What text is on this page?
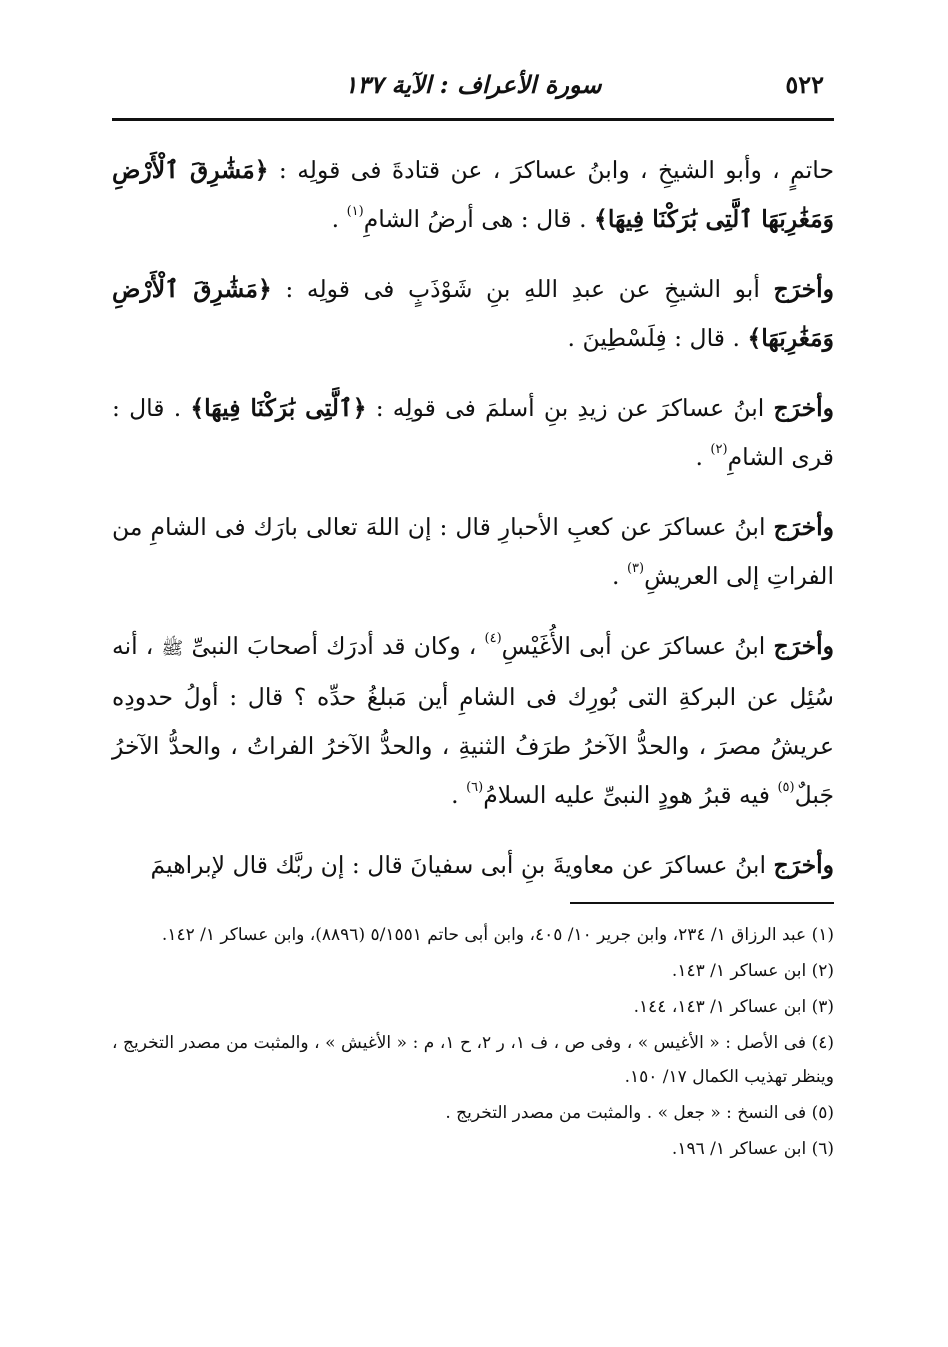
٥٢٢
سورة الأعراف : الآية ١٣٧

حاتمٍ ، وأبو الشيخِ ، وابنُ عساكرَ ، عن قتادةَ فى قولِه : ﴿مَشَٰرِقَ ٱلْأَرْضِ وَمَغَٰرِبَهَا ٱلَّتِى بَٰرَكْنَا فِيهَا﴾ . قال : هى أرضُ الشامِ$^{(١)}$ .

وأخرَج أبو الشيخِ عن عبدِ اللهِ بنِ شَوْذَبٍ فى قولِه : ﴿مَشَٰرِقَ ٱلْأَرْضِ وَمَغَٰرِبَهَا﴾ . قال : فِلَسْطِينَ .

وأخرَج ابنُ عساكرَ عن زيدِ بنِ أسلمَ فى قولِه : ﴿ٱلَّتِى بَٰرَكْنَا فِيهَا﴾ . قال : قرى الشامِ$^{(٢)}$ .

وأخرَج ابنُ عساكرَ عن كعبِ الأحبارِ قال : إن اللهَ تعالى بارَك فى الشامِ من الفراتِ إلى العريشِ$^{(٣)}$ .

وأخرَج ابنُ عساكرَ عن أبى الأُغَيْسِ$^{(٤)}$ ، وكان قد أدرَك أصحابَ النبىِّ ﷺ ، أنه سُئِل عن البركةِ التى بُورِك فى الشامِ أين مَبلغُ حدِّه ؟ قال : أولُ حدودِه عريشُ مصرَ ، والحدُّ الآخرُ طرَفُ الثنيةِ ، والحدُّ الآخرُ الفراتُ ، والحدُّ الآخرُ جَبلٌ$^{(٥)}$ فيه قبرُ هودٍ النبىِّ عليه السلامُ$^{(٦)}$ .

وأخرَج ابنُ عساكرَ عن معاويةَ بنِ أبى سفيانَ قال : إن ربَّك قال لإبراهيمَ

(١) عبد الرزاق ١/ ٢٣٤، وابن جرير ١٠/ ٤٠٥، وابن أبى حاتم ٥/١٥٥١ (٨٨٩٦)، وابن عساكر ١/ ١٤٢.

(٢) ابن عساكر ١/ ١٤٣.

(٣) ابن عساكر ١/ ١٤٣، ١٤٤.

(٤) فى الأصل : « الأغيس » ، وفى ص ، ف ١، ر ٢، ح ١، م : « الأغيش » ، والمثبت من مصدر التخريج ، وينظر تهذيب الكمال ١٧/ ١٥٠.

(٥) فى النسخ : « جعل » . والمثبت من مصدر التخريج .

(٦) ابن عساكر ١/ ١٩٦.
